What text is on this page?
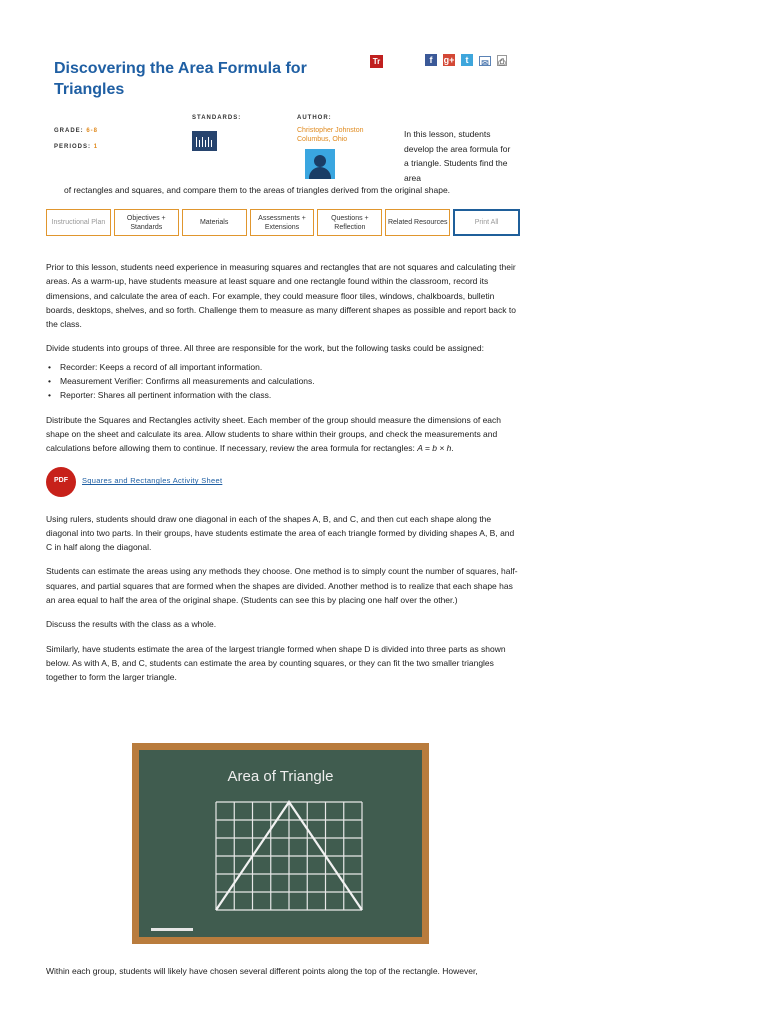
Discovering the Area Formula for Triangles
Tr	f	g+	t	✉ ⎙
GRADE: 6-8
PERIODS: 1
STANDARDS:	AUTHOR:
Christopher Johnston
Columbus, Ohio
In this lesson, students develop the area formula for a triangle. Students find the area
of rectangles and squares, and compare them to the areas of triangles derived from the original shape.
Instructional Plan
Objectives + Standards
Materials
Assessments + Extensions
Questions + Reflection
Related Resources	Print All

Prior to this lesson, students need experience in measuring squares and rectangles that are not squares and calculating their areas. As a warm-up, have students measure at least square and one rectangle found within the classroom, record its dimensions, and calculate the area of each. For example, they could measure floor tiles, windows, chalkboards, bulletin boards, desktops, shelves, and so forth. Challenge them to measure as many different shapes as possible and report back to the class.

Divide students into groups of three. All three are responsible for the work, but the following tasks could be assigned:

• Recorder: Keeps a record of all important information.
• Measurement Verifier: Confirms all measurements and calculations.
• Reporter: Shares all pertinent information with the class.

Distribute the Squares and Rectangles activity sheet. Each member of the group should measure the dimensions of each shape on the sheet and calculate its area. Allow students to share within their groups, and check the measurements and calculations before allowing them to continue. If necessary, review the area formula for rectangles: A = b × h.

PDF	Squares and Rectangles Activity Sheet

Using rulers, students should draw one diagonal in each of the shapes A, B, and C, and then cut each shape along the diagonal into two parts. In their groups, have students estimate the area of each triangle formed by dividing shapes A, B, and C in half along the diagonal.

Students can estimate the areas using any methods they choose. One method is to simply count the number of squares, half-squares, and partial squares that are formed when the shapes are divided. Another method is to realize that each shape has an area equal to half the area of the original shape. (Students can see this by placing one half over the other.)

Discuss the results with the class as a whole.

Similarly, have students estimate the area of the largest triangle formed when shape D is divided into three parts as shown below. As with A, B, and C, students can estimate the area by counting squares, or they can fit the two smaller triangles together to form the larger triangle.

Area of Triangle
Within each group, students will likely have chosen several different points along the top of the rectangle. However,
